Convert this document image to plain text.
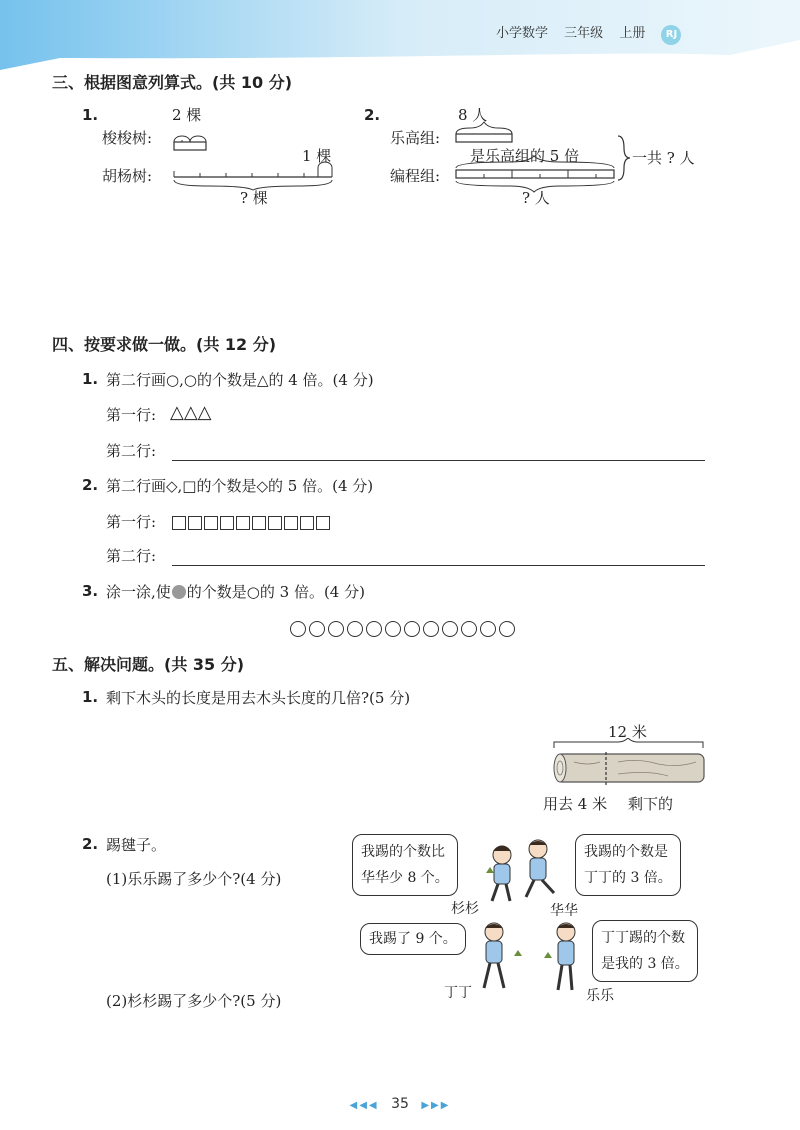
小学数学 三年级 上册 RJ
三、根据图意列算式。(共 10 分)
1.	2 棵
梭梭树:
1 棵
胡杨树:
? 棵
2.	8 人
乐高组:
是乐高组的 5 倍
编程组:
一共 ? 人
? 人
四、按要求做一做。(共 12 分)
1. 第二行画○,○的个数是△的 4 倍。(4 分)
第一行: △△△
第二行:
2. 第二行画◇,□的个数是◇的 5 倍。(4 分)
第一行:
第二行:
3. 涂一涂,使 的个数是○的 3 倍。(4 分)
五、解决问题。(共 35 分)
1. 剩下木头的长度是用去木头长度的几倍?(5 分)
12 米
用去 4 米 剩下的
2. 踢毽子。
(1)乐乐踢了多少个?(4 分)
(2)杉杉踢了多少个?(5 分)
我踢的个数比
华华少 8 个。
我踢的个数是
丁丁的 3 倍。
我踢了 9 个。	丁丁踢的个数
是我的 3 倍。
杉杉	华华
丁丁	乐乐
◀◀◀ 35 ▶▶▶
